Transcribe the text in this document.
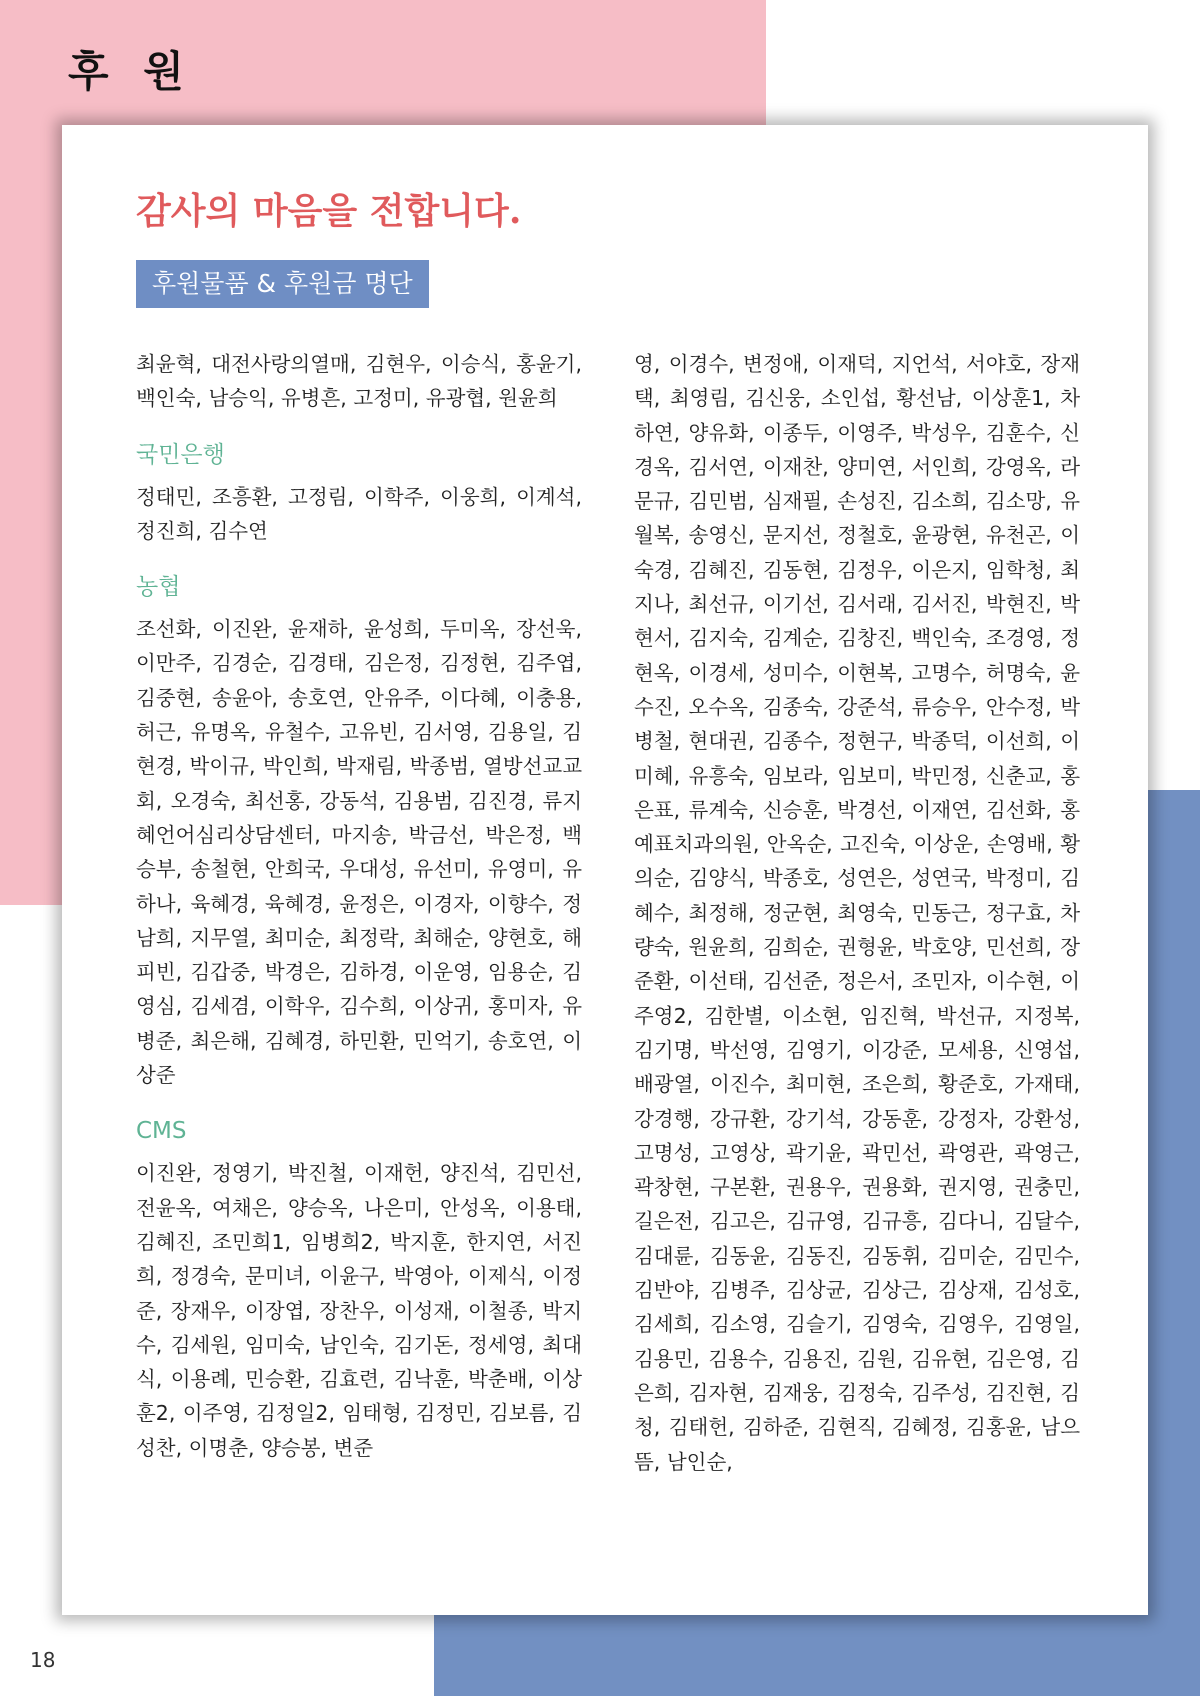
후 원
감사의 마음을 전합니다.
후원물품 & 후원금 명단

최윤혁, 대전사랑의열매, 김현우, 이승식, 홍윤기, 백인숙, 남승익, 유병흔, 고정미, 유광협, 원윤희

국민은행

정태민, 조흥환, 고정림, 이학주, 이웅희, 이계석, 정진희, 김수연

농협

조선화, 이진완, 윤재하, 윤성희, 두미옥, 장선욱, 이만주, 김경순, 김경태, 김은정, 김정현, 김주엽, 김중현, 송윤아, 송호연, 안유주, 이다혜, 이충용, 허근, 유명옥, 유철수, 고유빈, 김서영, 김용일, 김현경, 박이규, 박인희, 박재림, 박종범, 열방선교교회, 오경숙, 최선홍, 강동석, 김용범, 김진경, 류지혜언어심리상담센터, 마지송, 박금선, 박은정, 백승부, 송철현, 안희국, 우대성, 유선미, 유영미, 유하나, 육혜경, 육혜경, 윤정은, 이경자, 이향수, 정남희, 지무열, 최미순, 최정락, 최해순, 양현호, 해피빈, 김갑중, 박경은, 김하경, 이운영, 임용순, 김영심, 김세겸, 이학우, 김수희, 이상귀, 홍미자, 유병준, 최은해, 김혜경, 하민환, 민억기, 송호연, 이상준

CMS

이진완, 정영기, 박진철, 이재헌, 양진석, 김민선, 전윤옥, 여채은, 양승옥, 나은미, 안성옥, 이용태, 김혜진, 조민희1, 임병희2, 박지훈, 한지연, 서진희, 정경숙, 문미녀, 이윤구, 박영아, 이제식, 이정준, 장재우, 이장엽, 장찬우, 이성재, 이철종, 박지수, 김세원, 임미숙, 남인숙, 김기돈, 정세영, 최대식, 이용례, 민승환, 김효련, 김낙훈, 박춘배, 이상훈2, 이주영, 김정일2, 임태형, 김정민, 김보름, 김성찬, 이명춘, 양승봉, 변준

영, 이경수, 변정애, 이재덕, 지언석, 서야호, 장재택, 최영림, 김신웅, 소인섭, 황선남, 이상훈1, 차하연, 양유화, 이종두, 이영주, 박성우, 김훈수, 신경옥, 김서연, 이재찬, 양미연, 서인희, 강영옥, 라문규, 김민범, 심재필, 손성진, 김소희, 김소망, 유월복, 송영신, 문지선, 정철호, 윤광현, 유천곤, 이숙경, 김혜진, 김동현, 김정우, 이은지, 임학청, 최지나, 최선규, 이기선, 김서래, 김서진, 박현진, 박현서, 김지숙, 김계순, 김창진, 백인숙, 조경영, 정현옥, 이경세, 성미수, 이현복, 고명수, 허명숙, 윤수진, 오수옥, 김종숙, 강준석, 류승우, 안수정, 박병철, 현대권, 김종수, 정현구, 박종덕, 이선희, 이미혜, 유흥숙, 임보라, 임보미, 박민정, 신춘교, 홍은표, 류계숙, 신승훈, 박경선, 이재연, 김선화, 홍예표치과의원, 안옥순, 고진숙, 이상운, 손영배, 황의순, 김양식, 박종호, 성연은, 성연국, 박정미, 김혜수, 최정해, 정군현, 최영숙, 민동근, 정구효, 차량숙, 원윤희, 김희순, 권형윤, 박호양, 민선희, 장준환, 이선태, 김선준, 정은서, 조민자, 이수현, 이주영2, 김한별, 이소현, 임진혁, 박선규, 지정복, 김기명, 박선영, 김영기, 이강준, 모세용, 신영섭, 배광열, 이진수, 최미현, 조은희, 황준호, 가재태, 강경행, 강규환, 강기석, 강동훈, 강정자, 강환성, 고명성, 고영상, 곽기윤, 곽민선, 곽영관, 곽영근, 곽창현, 구본환, 권용우, 권용화, 권지영, 권충민, 길은전, 김고은, 김규영, 김규흥, 김다니, 김달수, 김대륜, 김동윤, 김동진, 김동휘, 김미순, 김민수, 김반야, 김병주, 김상균, 김상근, 김상재, 김성호, 김세희, 김소영, 김슬기, 김영숙, 김영우, 김영일, 김용민, 김용수, 김용진, 김원, 김유현, 김은영, 김은희, 김자현, 김재웅, 김정숙, 김주성, 김진현, 김청, 김태헌, 김하준, 김현직, 김혜정, 김홍윤, 남으뜸, 남인순,

18
